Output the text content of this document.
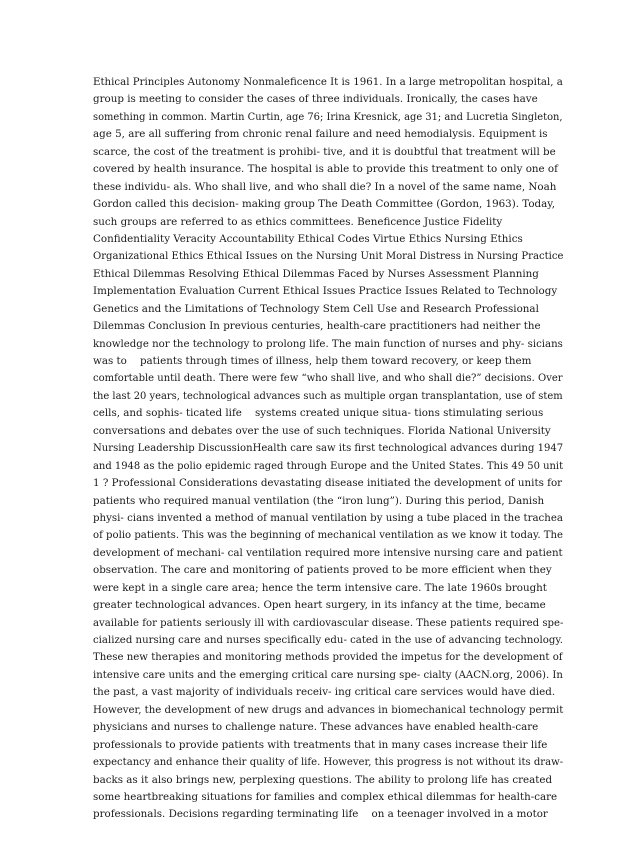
Ethical Principles Autonomy Nonmaleficence It is 1961. In a large metropolitan hospital, a
group is meeting to consider the cases of three individuals. Ironically, the cases have
something in common. Martin Curtin, age 76; Irina Kresnick, age 31; and Lucretia Singleton,
age 5, are all suffering from chronic renal failure and need hemodialysis. Equipment is
scarce, the cost of the treatment is prohibi- tive, and it is doubtful that treatment will be
covered by health insurance. The hospital is able to provide this treatment to only one of
these individu- als. Who shall live, and who shall die? In a novel of the same name, Noah
Gordon called this decision- making group The Death Committee (Gordon, 1963). Today,
such groups are referred to as ethics committees. Beneficence Justice Fidelity
Confidentiality Veracity Accountability Ethical Codes Virtue Ethics Nursing Ethics
Organizational Ethics Ethical Issues on the Nursing Unit Moral Distress in Nursing Practice
Ethical Dilemmas Resolving Ethical Dilemmas Faced by Nurses Assessment Planning
Implementation Evaluation Current Ethical Issues Practice Issues Related to Technology
Genetics and the Limitations of Technology Stem Cell Use and Research Professional
Dilemmas Conclusion In previous centuries, health-care practitioners had neither the
knowledge nor the technology to prolong life. The main function of nurses and phy- sicians
was to    patients through times of illness, help them toward recovery, or keep them
comfortable until death. There were few “who shall live, and who shall die?” decisions. Over
the last 20 years, technological advances such as multiple organ transplantation, use of stem
cells, and sophis- ticated life    systems created unique situa- tions stimulating serious
conversations and debates over the use of such techniques. Florida National University
Nursing Leadership DiscussionHealth care saw its first technological advances during 1947
and 1948 as the polio epidemic raged through Europe and the United States. This 49 50 unit
1 ? Professional Considerations devastating disease initiated the development of units for
patients who required manual ventilation (the “iron lung”). During this period, Danish
physi- cians invented a method of manual ventilation by using a tube placed in the trachea
of polio patients. This was the beginning of mechanical ventilation as we know it today. The
development of mechani- cal ventilation required more intensive nursing care and patient
observation. The care and monitoring of patients proved to be more efficient when they
were kept in a single care area; hence the term intensive care. The late 1960s brought
greater technological advances. Open heart surgery, in its infancy at the time, became
available for patients seriously ill with cardiovascular disease. These patients required spe-
cialized nursing care and nurses specifically edu- cated in the use of advancing technology.
These new therapies and monitoring methods provided the impetus for the development of
intensive care units and the emerging critical care nursing spe- cialty (AACN.org, 2006). In
the past, a vast majority of individuals receiv- ing critical care services would have died.
However, the development of new drugs and advances in biomechanical technology permit
physicians and nurses to challenge nature. These advances have enabled health-care
professionals to provide patients with treatments that in many cases increase their life
expectancy and enhance their quality of life. However, this progress is not without its draw-
backs as it also brings new, perplexing questions. The ability to prolong life has created
some heartbreaking situations for families and complex ethical dilemmas for health-care
professionals. Decisions regarding terminating life    on a teenager involved in a motor
